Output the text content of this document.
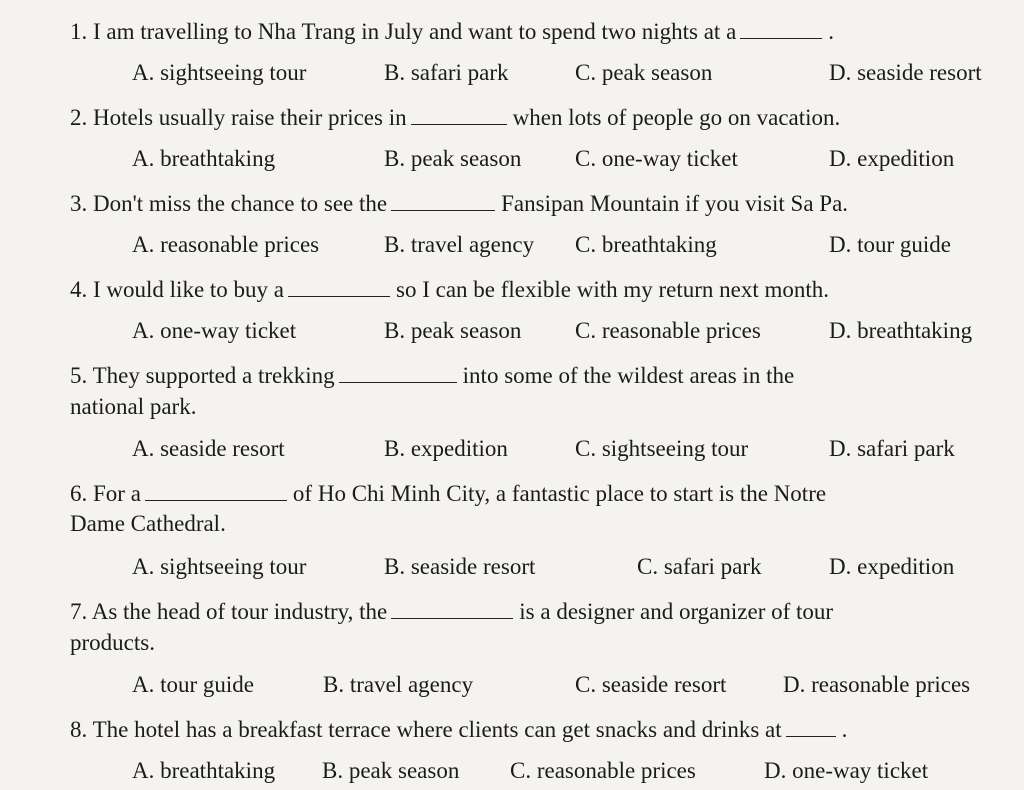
1. I am travelling to Nha Trang in July and want to spend two nights at a	.
A. sightseeing tour	B. safari park	C. peak season	D. seaside resort
2. Hotels usually raise their prices in	when lots of people go on vacation.
A. breathtaking	B. peak season C. one-way ticket	D. expedition
3. Don't miss the chance to see the	Fansipan Mountain if you visit Sa Pa.
A. reasonable prices	B. travel agency C. breathtaking	D. tour guide
4. I would like to buy a	so I can be flexible with my return next month.
A. one-way ticket	B. peak season C. reasonable prices	D. breathtaking
5. They supported a trekking	into some of the wildest areas in the
national park.
A. seaside resort	B. expedition	C. sightseeing tour	D. safari park
6. For a	of Ho Chi Minh City, a fantastic place to start is the Notre
Dame Cathedral.
A. sightseeing tour	B. seaside resort	C. safari park	D. expedition
7. As the head of tour industry, the	is a designer and organizer of tour
products.
A. tour guide	B. travel agency	C. seaside resort D. reasonable prices
8. The hotel has a breakfast terrace where clients can get snacks and drinks at	.
A. breathtaking B. peak season C. reasonable prices	D. one-way ticket
